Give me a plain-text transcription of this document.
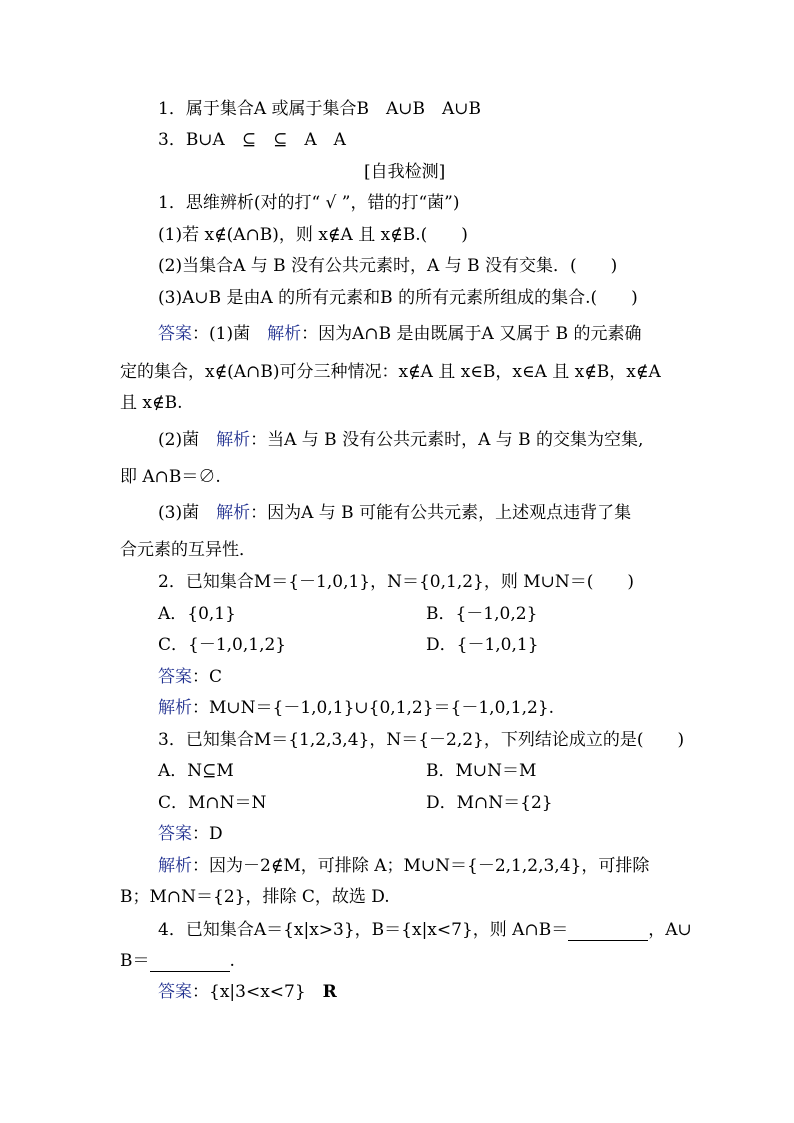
1．属于集合A 或属于集合B　A∪B　A∪B
3．B∪A　⊆　⊆　A　A
[自我检测]
1．思维辨析(对的打“ √ ”，错的打“菌”)
(1)若 x∉(A∩B)，则 x∉A 且 x∉B.(　　)
(2)当集合A 与 B 没有公共元素时，A 与 B 没有交集．(　　)
(3)A∪B 是由A 的所有元素和B 的所有元素所组成的集合.(　　)
答案：(1)菌　解析：因为A∩B 是由既属于A 又属于 B 的元素确
定的集合，x∉(A∩B)可分三种情况：x∉A 且 x∈B，x∈A 且 x∉B，x∉A
且 x∉B.
(2)菌　解析：当A 与 B 没有公共元素时，A 与 B 的交集为空集,
即 A∩B＝∅.
(3)菌　解析：因为A 与 B 可能有公共元素，上述观点违背了集
合元素的互异性．
2．已知集合M＝{－1,0,1}，N＝{0,1,2}，则 M∪N＝(　　)
A．{0,1}	B．{－1,0,2}
C．{－1,0,1,2}	D．{－1,0,1}
答案：C
解析：M∪N＝{－1,0,1}∪{0,1,2}＝{－1,0,1,2}.
3．已知集合M＝{1,2,3,4}，N＝{－2,2}，下列结论成立的是(　　)
A．N⊆M	B．M∪N＝M
C．M∩N＝N	D．M∩N＝{2}
答案：D
解析：因为－2∉M，可排除 A；M∪N＝{－2,1,2,3,4}，可排除
B；M∩N＝{2}，排除 C，故选 D.
4．已知集合A＝{x|x>3}，B＝{x|x<7}，则 A∩B＝	，A∪
B＝	.
答案：{x|3<x<7}　R
